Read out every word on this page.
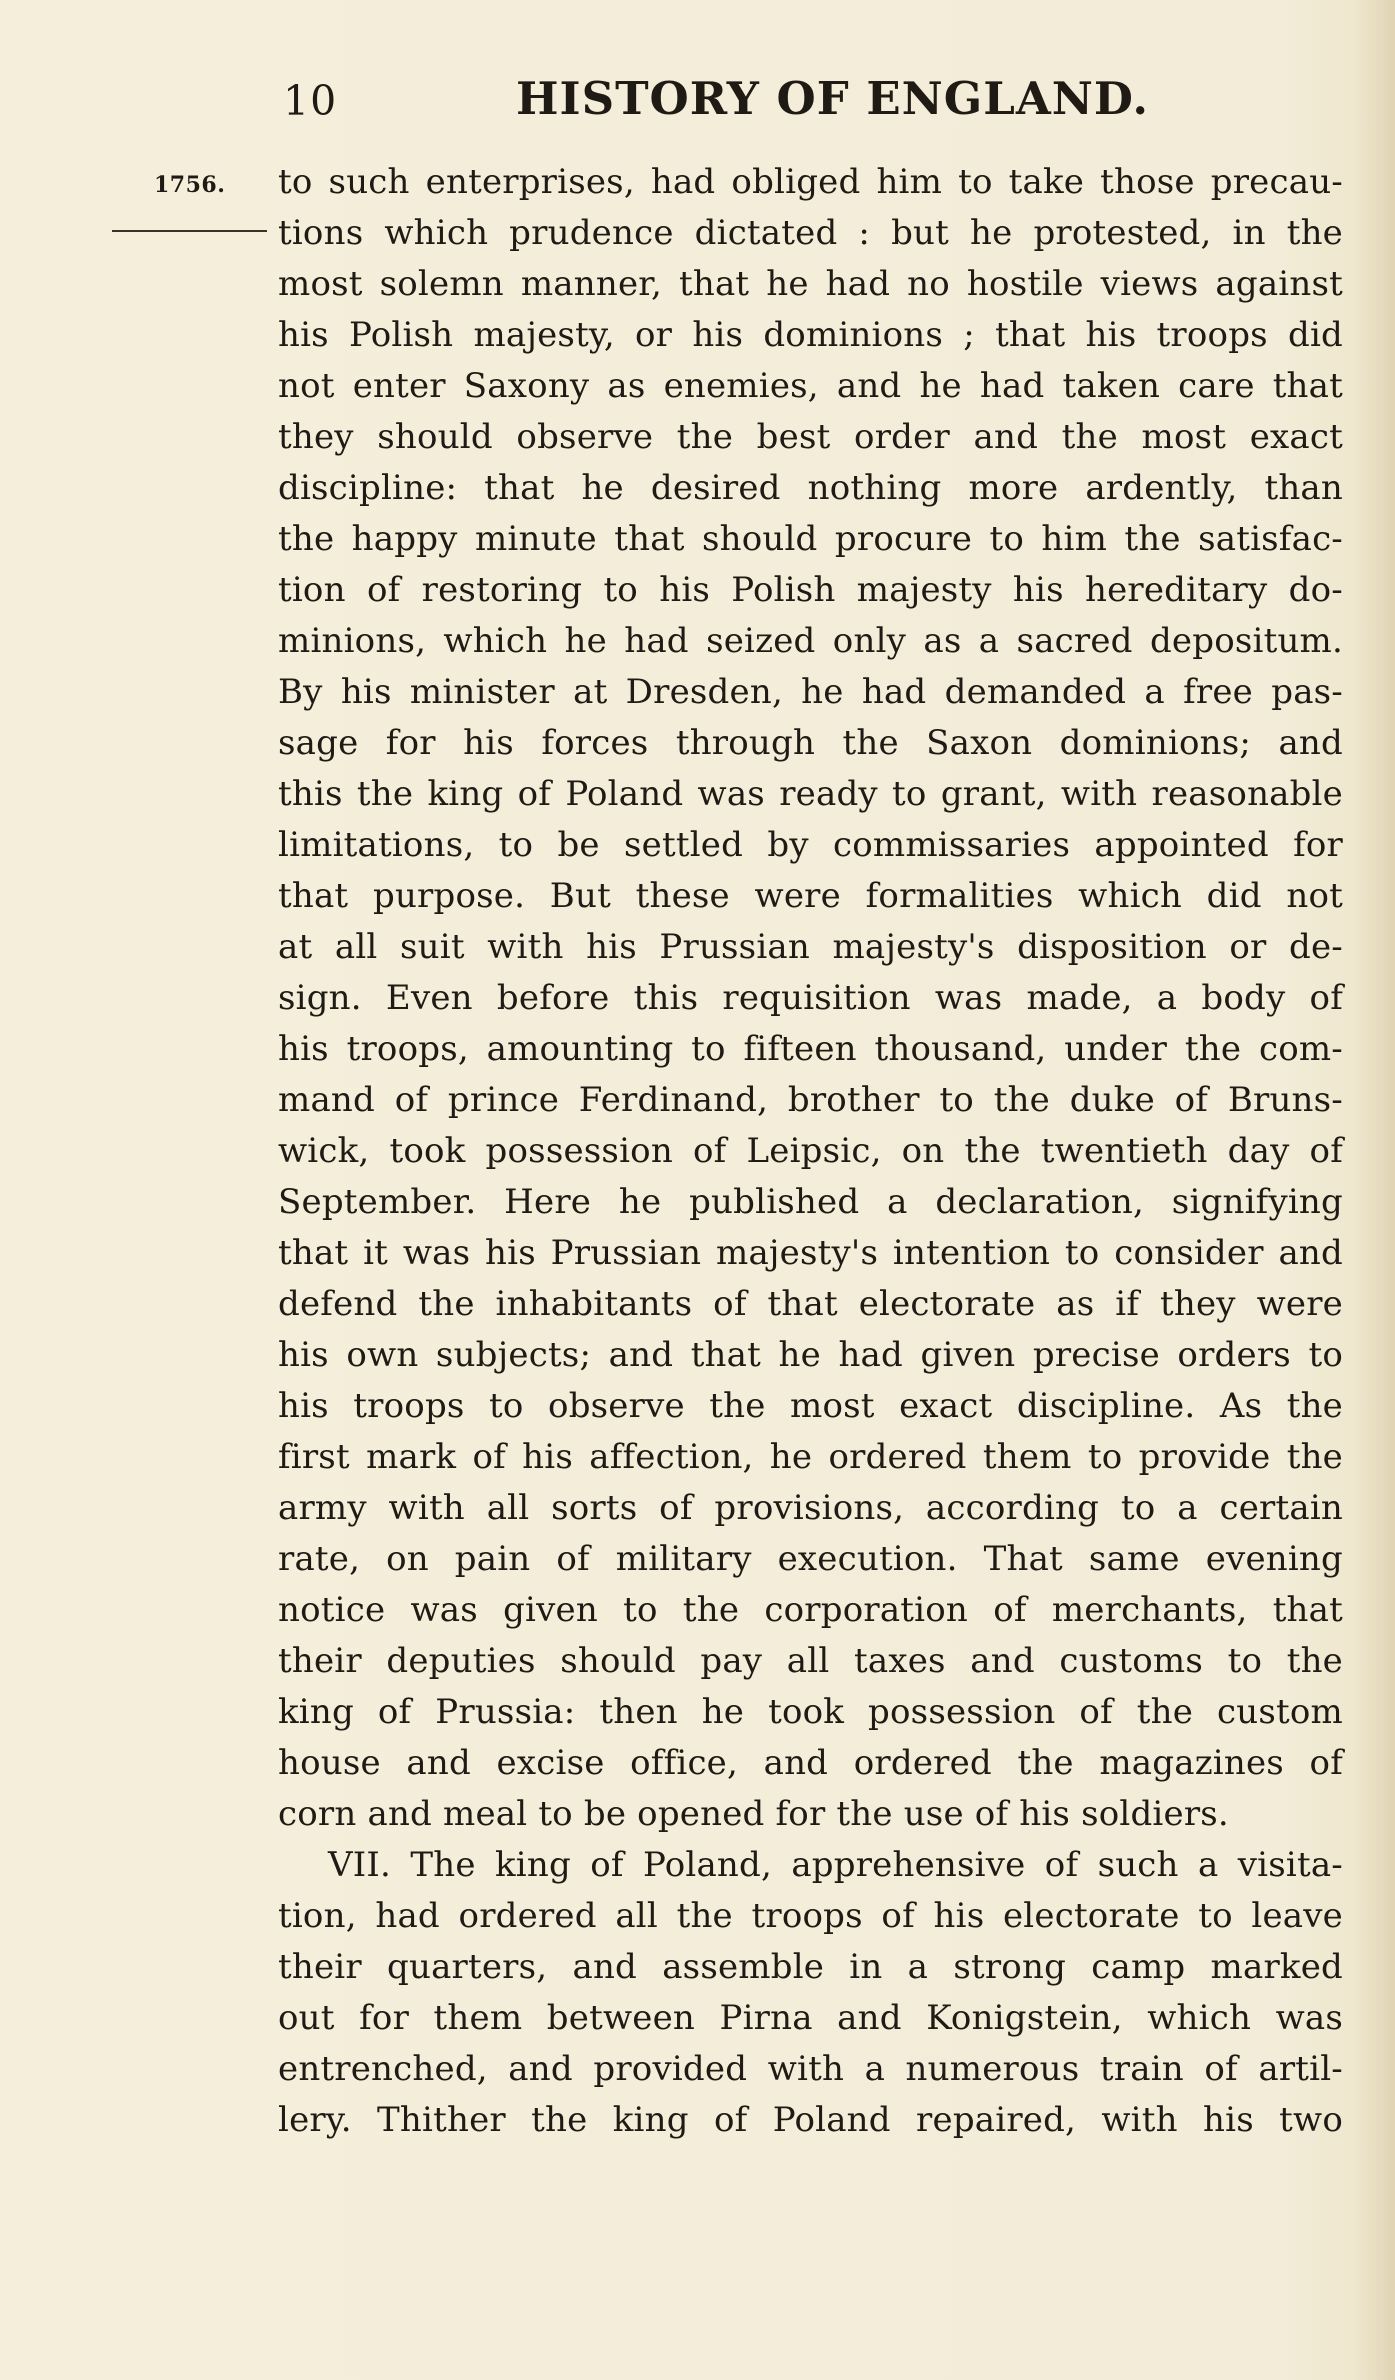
10	HISTORY OF ENGLAND.
1756. to such enterprises, had obliged him to take those precau-
tions which prudence dictated : but he protested, in the
most solemn manner, that he had no hostile views against
his Polish majesty, or his dominions ; that his troops did
not enter Saxony as enemies, and he had taken care that
they should observe the best order and the most exact
discipline: that he desired nothing more ardently, than
the happy minute that should procure to him the satisfac-
tion of restoring to his Polish majesty his hereditary do-
minions, which he had seized only as a sacred depositum.
By his minister at Dresden, he had demanded a free pas-
sage for his forces through the Saxon dominions; and
this the king of Poland was ready to grant, with reasonable
limitations, to be settled by commissaries appointed for
that purpose. But these were formalities which did not
at all suit with his Prussian majesty's disposition or de-
sign. Even before this requisition was made, a body of
his troops, amounting to fifteen thousand, under the com-
mand of prince Ferdinand, brother to the duke of Bruns-
wick, took possession of Leipsic, on the twentieth day of
September. Here he published a declaration, signifying
that it was his Prussian majesty's intention to consider and
defend the inhabitants of that electorate as if they were
his own subjects; and that he had given precise orders to
his troops to observe the most exact discipline. As the
first mark of his affection, he ordered them to provide the
army with all sorts of provisions, according to a certain
rate, on pain of military execution. That same evening
notice was given to the corporation of merchants, that
their deputies should pay all taxes and customs to the
king of Prussia: then he took possession of the custom
house and excise office, and ordered the magazines of
corn and meal to be opened for the use of his soldiers.
VII. The king of Poland, apprehensive of such a visita-
tion, had ordered all the troops of his electorate to leave
their quarters, and assemble in a strong camp marked
out for them between Pirna and Konigstein, which was
entrenched, and provided with a numerous train of artil-
lery. Thither the king of Poland repaired, with his two
